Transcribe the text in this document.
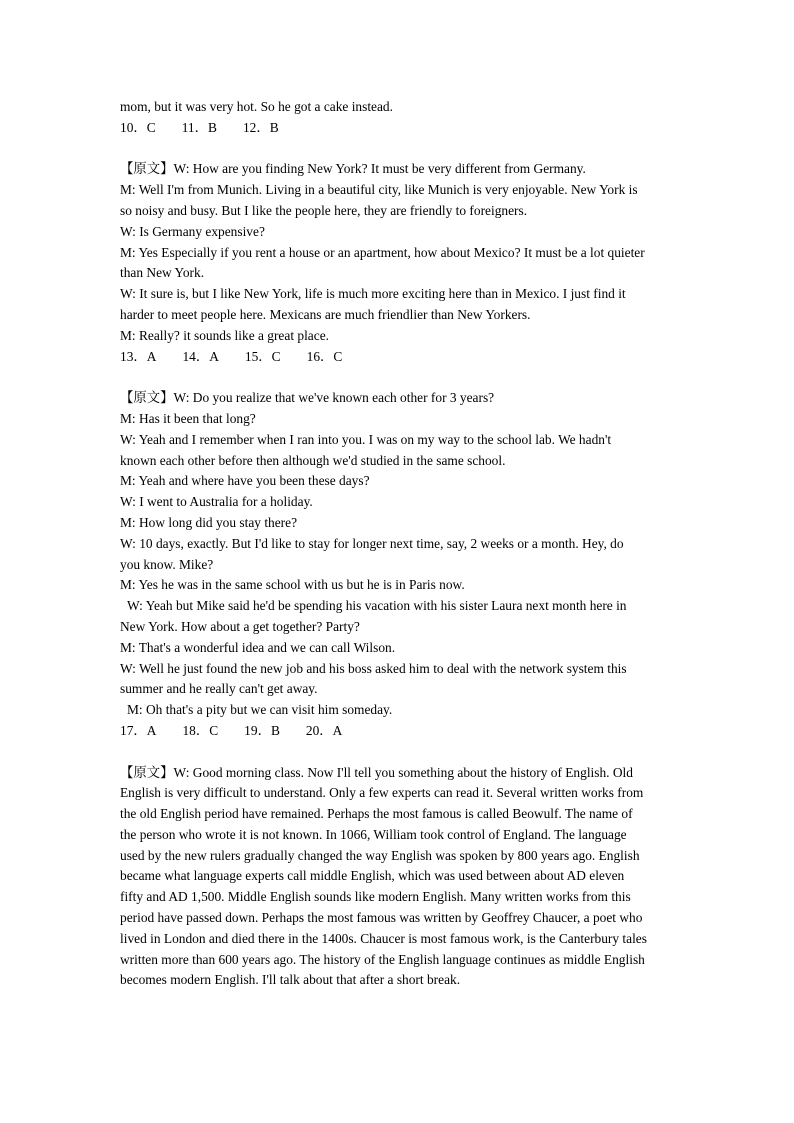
mom, but it was very hot. So he got a cake instead.
10．C 11．B 12．B
【原文】W: How are you finding New York? It must be very different from Germany.
M: Well I'm from Munich. Living in a beautiful city, like Munich is very enjoyable. New York is
so noisy and busy. But I like the people here, they are friendly to foreigners.
W: Is Germany expensive?
M: Yes Especially if you rent a house or an apartment, how about Mexico? It must be a lot quieter
than New York.
W: It sure is, but I like New York, life is much more exciting here than in Mexico. I just find it
harder to meet people here. Mexicans are much friendlier than New Yorkers.
M: Really? it sounds like a great place.
13．A 14．A 15．C 16．C
【原文】W: Do you realize that we've known each other for 3 years?
M: Has it been that long?
W: Yeah and I remember when I ran into you. I was on my way to the school lab. We hadn't
known each other before then although we'd studied in the same school.
M: Yeah and where have you been these days?
W: I went to Australia for a holiday.
M: How long did you stay there?
W: 10 days, exactly. But I'd like to stay for longer next time, say, 2 weeks or a month. Hey, do
you know. Mike?
M: Yes he was in the same school with us but he is in Paris now.
W: Yeah but Mike said he'd be spending his vacation with his sister Laura next month here in
New York. How about a get together? Party?
M: That's a wonderful idea and we can call Wilson.
W: Well he just found the new job and his boss asked him to deal with the network system this
summer and he really can't get away.
M: Oh that's a pity but we can visit him someday.
17．A 18．C 19．B 20．A
【原文】W: Good morning class. Now I'll tell you something about the history of English. Old
English is very difficult to understand. Only a few experts can read it. Several written works from
the old English period have remained. Perhaps the most famous is called Beowulf. The name of
the person who wrote it is not known. In 1066, William took control of England. The language
used by the new rulers gradually changed the way English was spoken by 800 years ago. English
became what language experts call middle English, which was used between about AD eleven
fifty and AD 1,500. Middle English sounds like modern English. Many written works from this
period have passed down. Perhaps the most famous was written by Geoffrey Chaucer, a poet who
lived in London and died there in the 1400s. Chaucer is most famous work, is the Canterbury tales
written more than 600 years ago. The history of the English language continues as middle English
becomes modern English. I'll talk about that after a short break.
